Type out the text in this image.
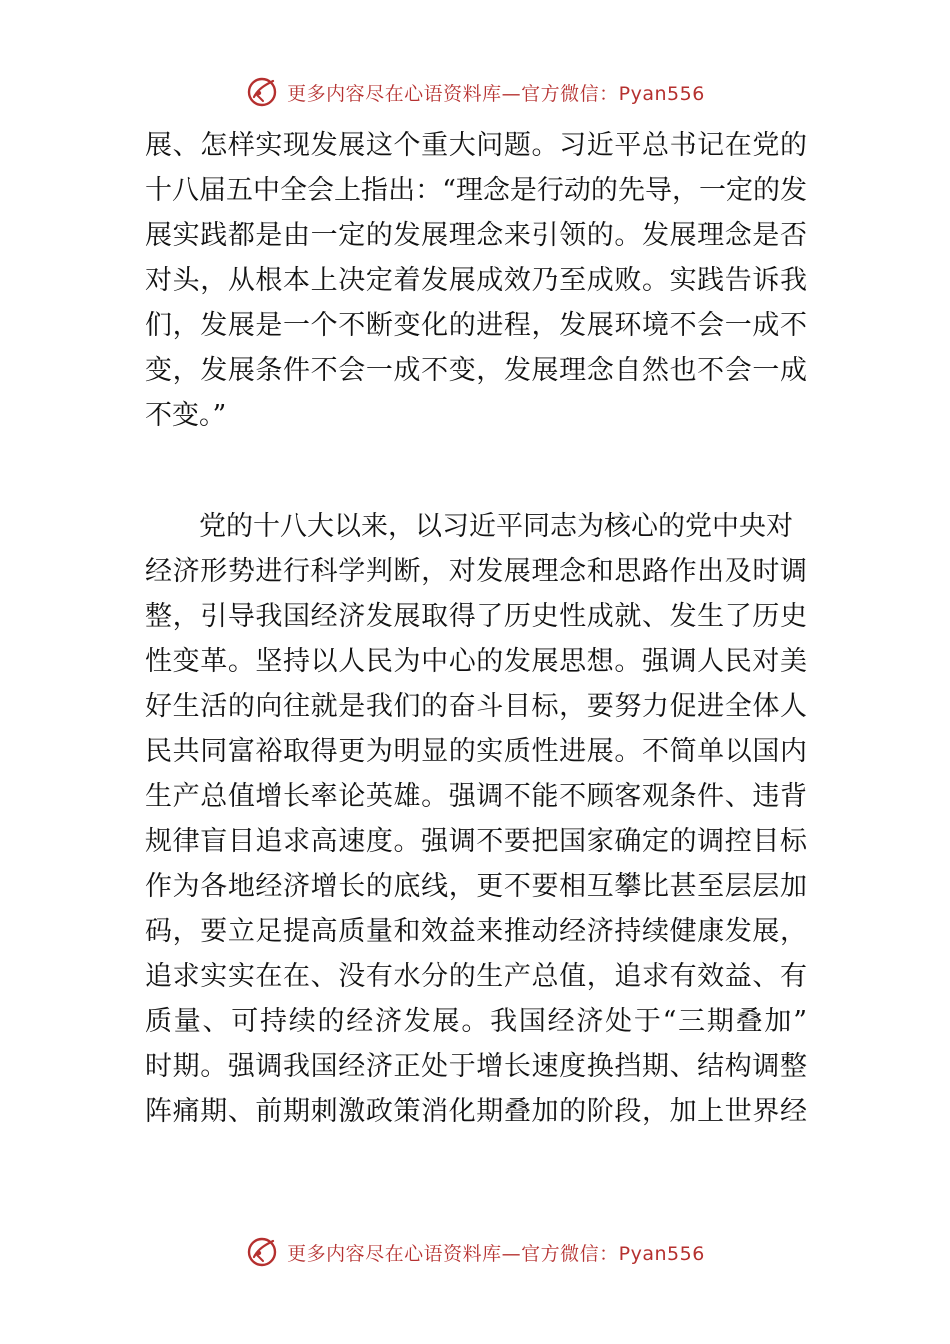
更多内容尽在心语资料库—官方微信：Pyan556
展、怎样实现发展这个重大问题。习近平总书记在党的
十八届五中全会上指出：“理念是行动的先导，一定的发
展实践都是由一定的发展理念来引领的。发展理念是否
对头，从根本上决定着发展成效乃至成败。实践告诉我
们，发展是一个不断变化的进程，发展环境不会一成不
变，发展条件不会一成不变，发展理念自然也不会一成
不变。”
　　党的十八大以来，以习近平同志为核心的党中央对
经济形势进行科学判断，对发展理念和思路作出及时调
整，引导我国经济发展取得了历史性成就、发生了历史
性变革。坚持以人民为中心的发展思想。强调人民对美
好生活的向往就是我们的奋斗目标，要努力促进全体人
民共同富裕取得更为明显的实质性进展。不简单以国内
生产总值增长率论英雄。强调不能不顾客观条件、违背
规律盲目追求高速度。强调不要把国家确定的调控目标
作为各地经济增长的底线，更不要相互攀比甚至层层加
码，要立足提高质量和效益来推动经济持续健康发展，
追求实实在在、没有水分的生产总值，追求有效益、有
质量、可持续的经济发展。我国经济处于“三期叠加”
时期。强调我国经济正处于增长速度换挡期、结构调整
阵痛期、前期刺激政策消化期叠加的阶段，加上世界经
更多内容尽在心语资料库—官方微信：Pyan556
